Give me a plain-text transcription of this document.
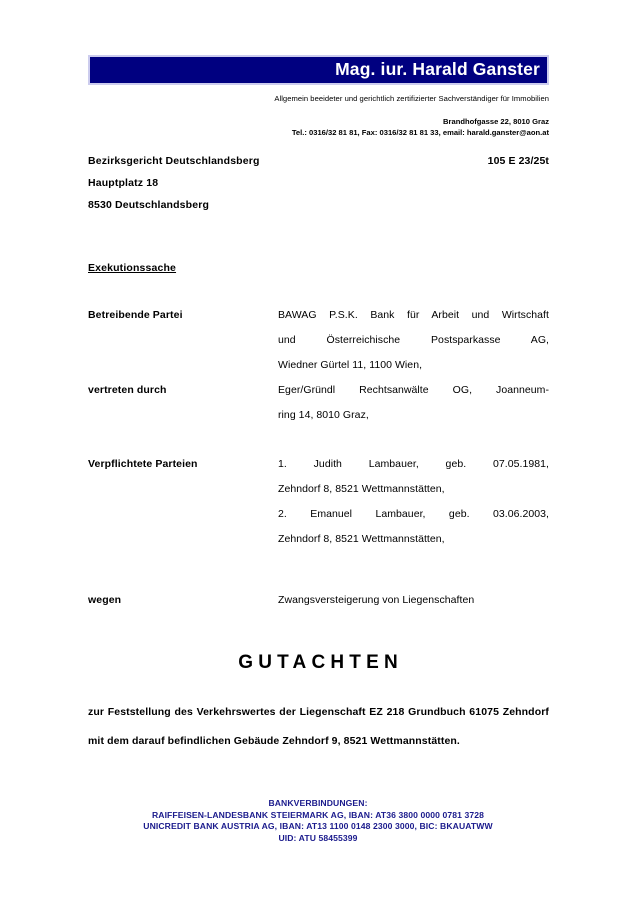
Mag. iur. Harald Ganster
Allgemein beeideter und gerichtlich zertifizierter Sachverständiger für Immobilien
Brandhofgasse 22, 8010 Graz
Tel.: 0316/32 81 81, Fax: 0316/32 81 81 33, email: harald.ganster@aon.at
Bezirksgericht Deutschlandsberg	105 E 23/25t
Hauptplatz 18
8530 Deutschlandsberg
Exekutionssache
Betreibende Partei	BAWAG P.S.K. Bank für Arbeit und Wirtschaft

und Österreichische Postsparkasse AG,

Wiedner Gürtel 11, 1100 Wien,

vertreten durch	Eger/Gründl Rechtsanwälte OG, Joanneum-

ring 14, 8010 Graz,

Verpflichtete Parteien	1. Judith Lambauer, geb. 07.05.1981,

Zehndorf 8, 8521 Wettmannstätten,

2. Emanuel Lambauer, geb. 03.06.2003,

Zehndorf 8, 8521 Wettmannstätten,

wegen	Zwangsversteigerung von Liegenschaften

GUTACHTEN
zur Feststellung des Verkehrswertes der Liegenschaft EZ 218 Grundbuch 61075 Zehndorf mit dem darauf befindlichen Gebäude Zehndorf 9, 8521 Wettmannstätten.
BANKVERBINDUNGEN:
RAIFFEISEN-LANDESBANK STEIERMARK AG, IBAN: AT36 3800 0000 0781 3728
UNICREDIT BANK AUSTRIA AG, IBAN: AT13 1100 0148 2300 3000, BIC: BKAUATWW
UID: ATU 58455399
